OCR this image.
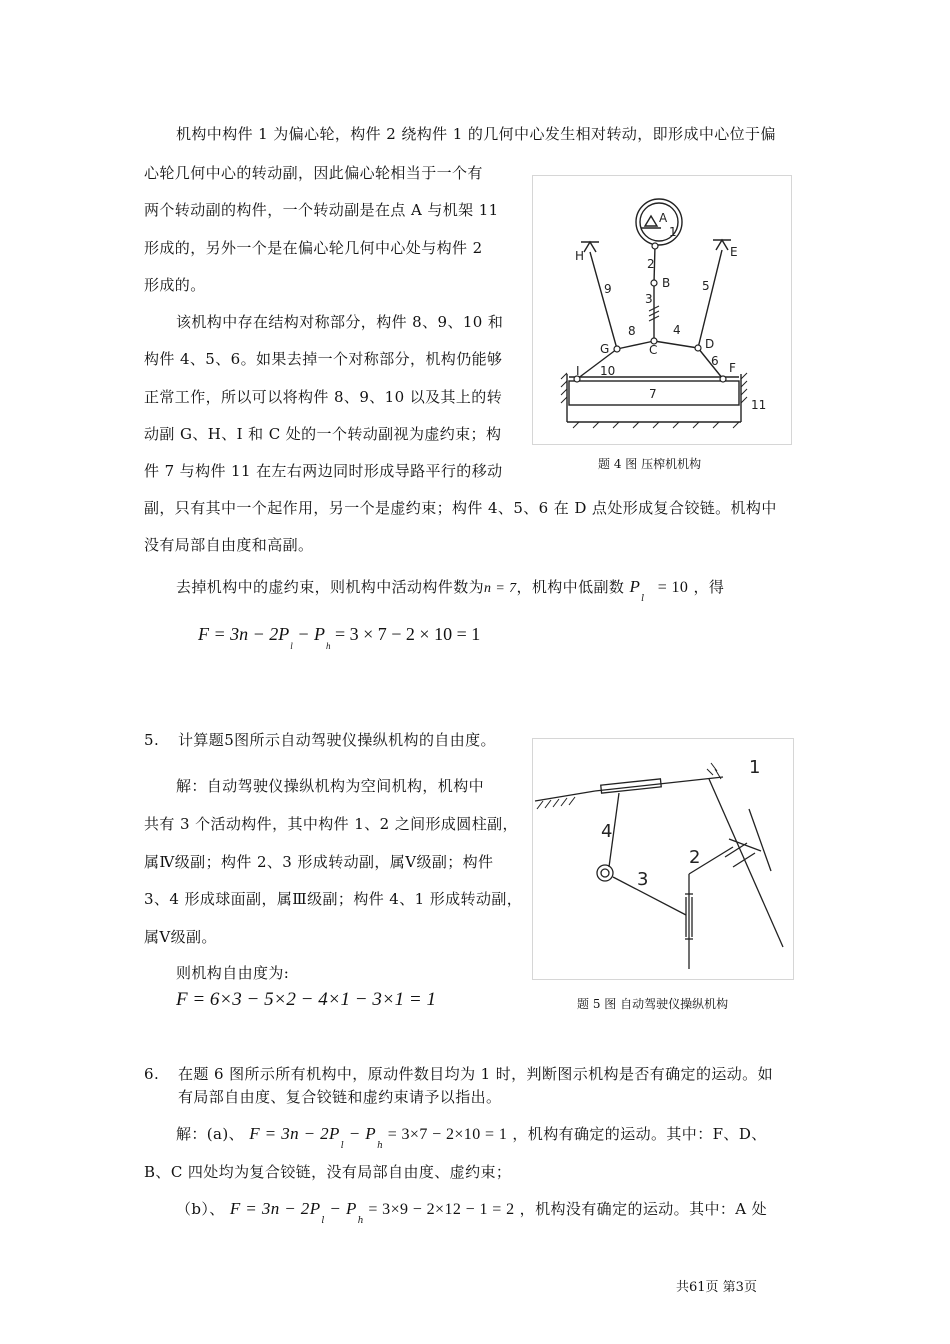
机构中构件 1 为偏心轮，构件 2 绕构件 1 的几何中心发生相对转动，即形成中心位于偏
心轮几何中心的转动副，因此偏心轮相当于一个有
两个转动副的构件，一个转动副是在点 A 与机架 11
形成的，另外一个是在偏心轮几何中心处与构件 2
形成的。
该机构中存在结构对称部分，构件 8、9、10 和
构件 4、5、6。如果去掉一个对称部分，机构仍能够
正常工作，所以可以将构件 8、9、10 以及其上的转
动副 G、H、I 和 C 处的一个转动副视为虚约束；构
件 7 与构件 11 在左右两边同时形成导路平行的移动
副，只有其中一个起作用，另一个是虚约束；构件 4、5、6 在 D 点处形成复合铰链。机构中
没有局部自由度和高副。
去掉机构中的虚约束，则机构中活动构件数为n = 7，机构中低副数 $P_l = 10$ ，得
$F = 3n - 2P_l - P_h = 3 \times 7 - 2 \times 10 = 1$
A
1
H	E
2
B
9	5
3
8	4
G	C	D
I 10
6 F
7
11
题 4 图 压榨机机构
5. 计算题5图所示自动驾驶仪操纵机构的自由度。
解：自动驾驶仪操纵机构为空间机构，机构中
共有 3 个活动构件，其中构件 1、2 之间形成圆柱副，
属Ⅳ级副；构件 2、3 形成转动副，属Ⅴ级副；构件
3、4 形成球面副，属Ⅲ级副；构件 4、1 形成转动副，
属Ⅴ级副。
则机构自由度为:
F = 6×3 − 5×2 − 4×1 − 3×1 = 1
1
4
2
3
题 5 图 自动驾驶仪操纵机构
6. 在题 6 图所示所有机构中，原动件数目均为 1 时，判断图示机构是否有确定的运动。如
有局部自由度、复合铰链和虚约束请予以指出。
解：(a)、 $F = 3n - 2P_l - P_h = 3\times 7 - 2\times 10 = 1$ ，机构有确定的运动。其中：F、D、
B、C 四处均为复合铰链，没有局部自由度、虚约束；
（b）、 $F = 3n - 2P_l - P_h = 3\times 9 - 2\times 12 - 1 = 2$ ，机构没有确定的运动。其中：A 处
共61页 第3页
